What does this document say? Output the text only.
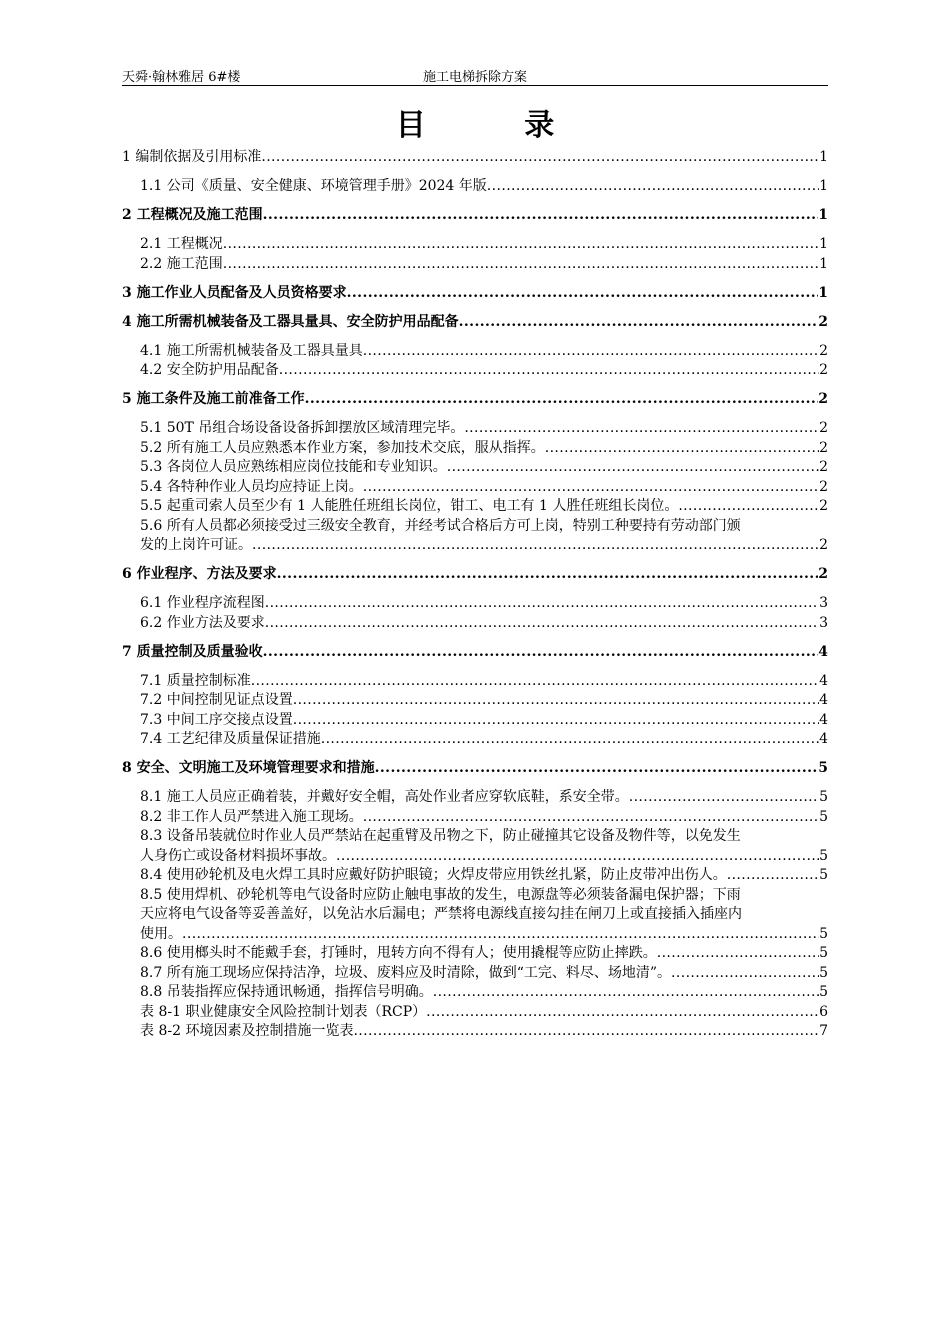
天舜·翰林雅居 6#楼	施工电梯拆除方案
目 录
1 编制依据及引用标准 .....	1
1.1 公司《质量、安全健康、环境管理手册》2024 年版 .....	1
2 工程概况及施工范围 .....	1
2.1 工程概况 .....	1
2.2 施工范围 .....	1
3 施工作业人员配备及人员资格要求 .....	1
4 施工所需机械装备及工器具量具、安全防护用品配备 .....	2
4.1 施工所需机械装备及工器具量具 .....	2
4.2 安全防护用品配备 .....	2
5 施工条件及施工前准备工作 .....	2
5.1 50T 吊组合场设备设备拆卸摆放区域清理完毕。 .....	2
5.2 所有施工人员应熟悉本作业方案，参加技术交底，服从指挥。 .....	2
5.3 各岗位人员应熟练相应岗位技能和专业知识。 .....	2
5.4 各特种作业人员均应持证上岗。 .....	2
5.5 起重司索人员至少有 1 人能胜任班组长岗位，钳工、电工有 1 人胜任班组长岗位。 .....	2
5.6 所有人员都必须接受过三级安全教育，并经考试合格后方可上岗，特别工种要持有劳动部门颁
发的上岗许可证。 .....	2
6 作业程序、方法及要求 .....	2
6.1 作业程序流程图 .....	3
6.2 作业方法及要求 .....	3
7 质量控制及质量验收 .....	4
7.1 质量控制标准 .....	4
7.2 中间控制见证点设置 .....	4
7.3 中间工序交接点设置 .....	4
7.4 工艺纪律及质量保证措施 .....	4
8 安全、文明施工及环境管理要求和措施 .....	5
8.1 施工人员应正确着装，并戴好安全帽，高处作业者应穿软底鞋，系安全带。 .....	5
8.2 非工作人员严禁进入施工现场。 .....	5
8.3 设备吊装就位时作业人员严禁站在起重臂及吊物之下，防止碰撞其它设备及物件等，以免发生
人身伤亡或设备材料损坏事故。 .....	5
8.4 使用砂轮机及电火焊工具时应戴好防护眼镜；火焊皮带应用铁丝扎紧，防止皮带冲出伤人。 .....	5
8.5 使用焊机、砂轮机等电气设备时应防止触电事故的发生，电源盘等必须装备漏电保护器；下雨
天应将电气设备等妥善盖好，以免沾水后漏电；严禁将电源线直接勾挂在闸刀上或直接插入插座内
使用。 .....	5
8.6 使用榔头时不能戴手套，打锤时，甩转方向不得有人；使用撬棍等应防止摔跌。 .....	5
8.7 所有施工现场应保持洁净，垃圾、废料应及时清除，做到“工完、料尽、场地清”。 .....	5
8.8 吊装指挥应保持通讯畅通，指挥信号明确。 .....	5
表 8-1 职业健康安全风险控制计划表（RCP） .....	6
表 8-2 环境因素及控制措施一览表 .....	7
